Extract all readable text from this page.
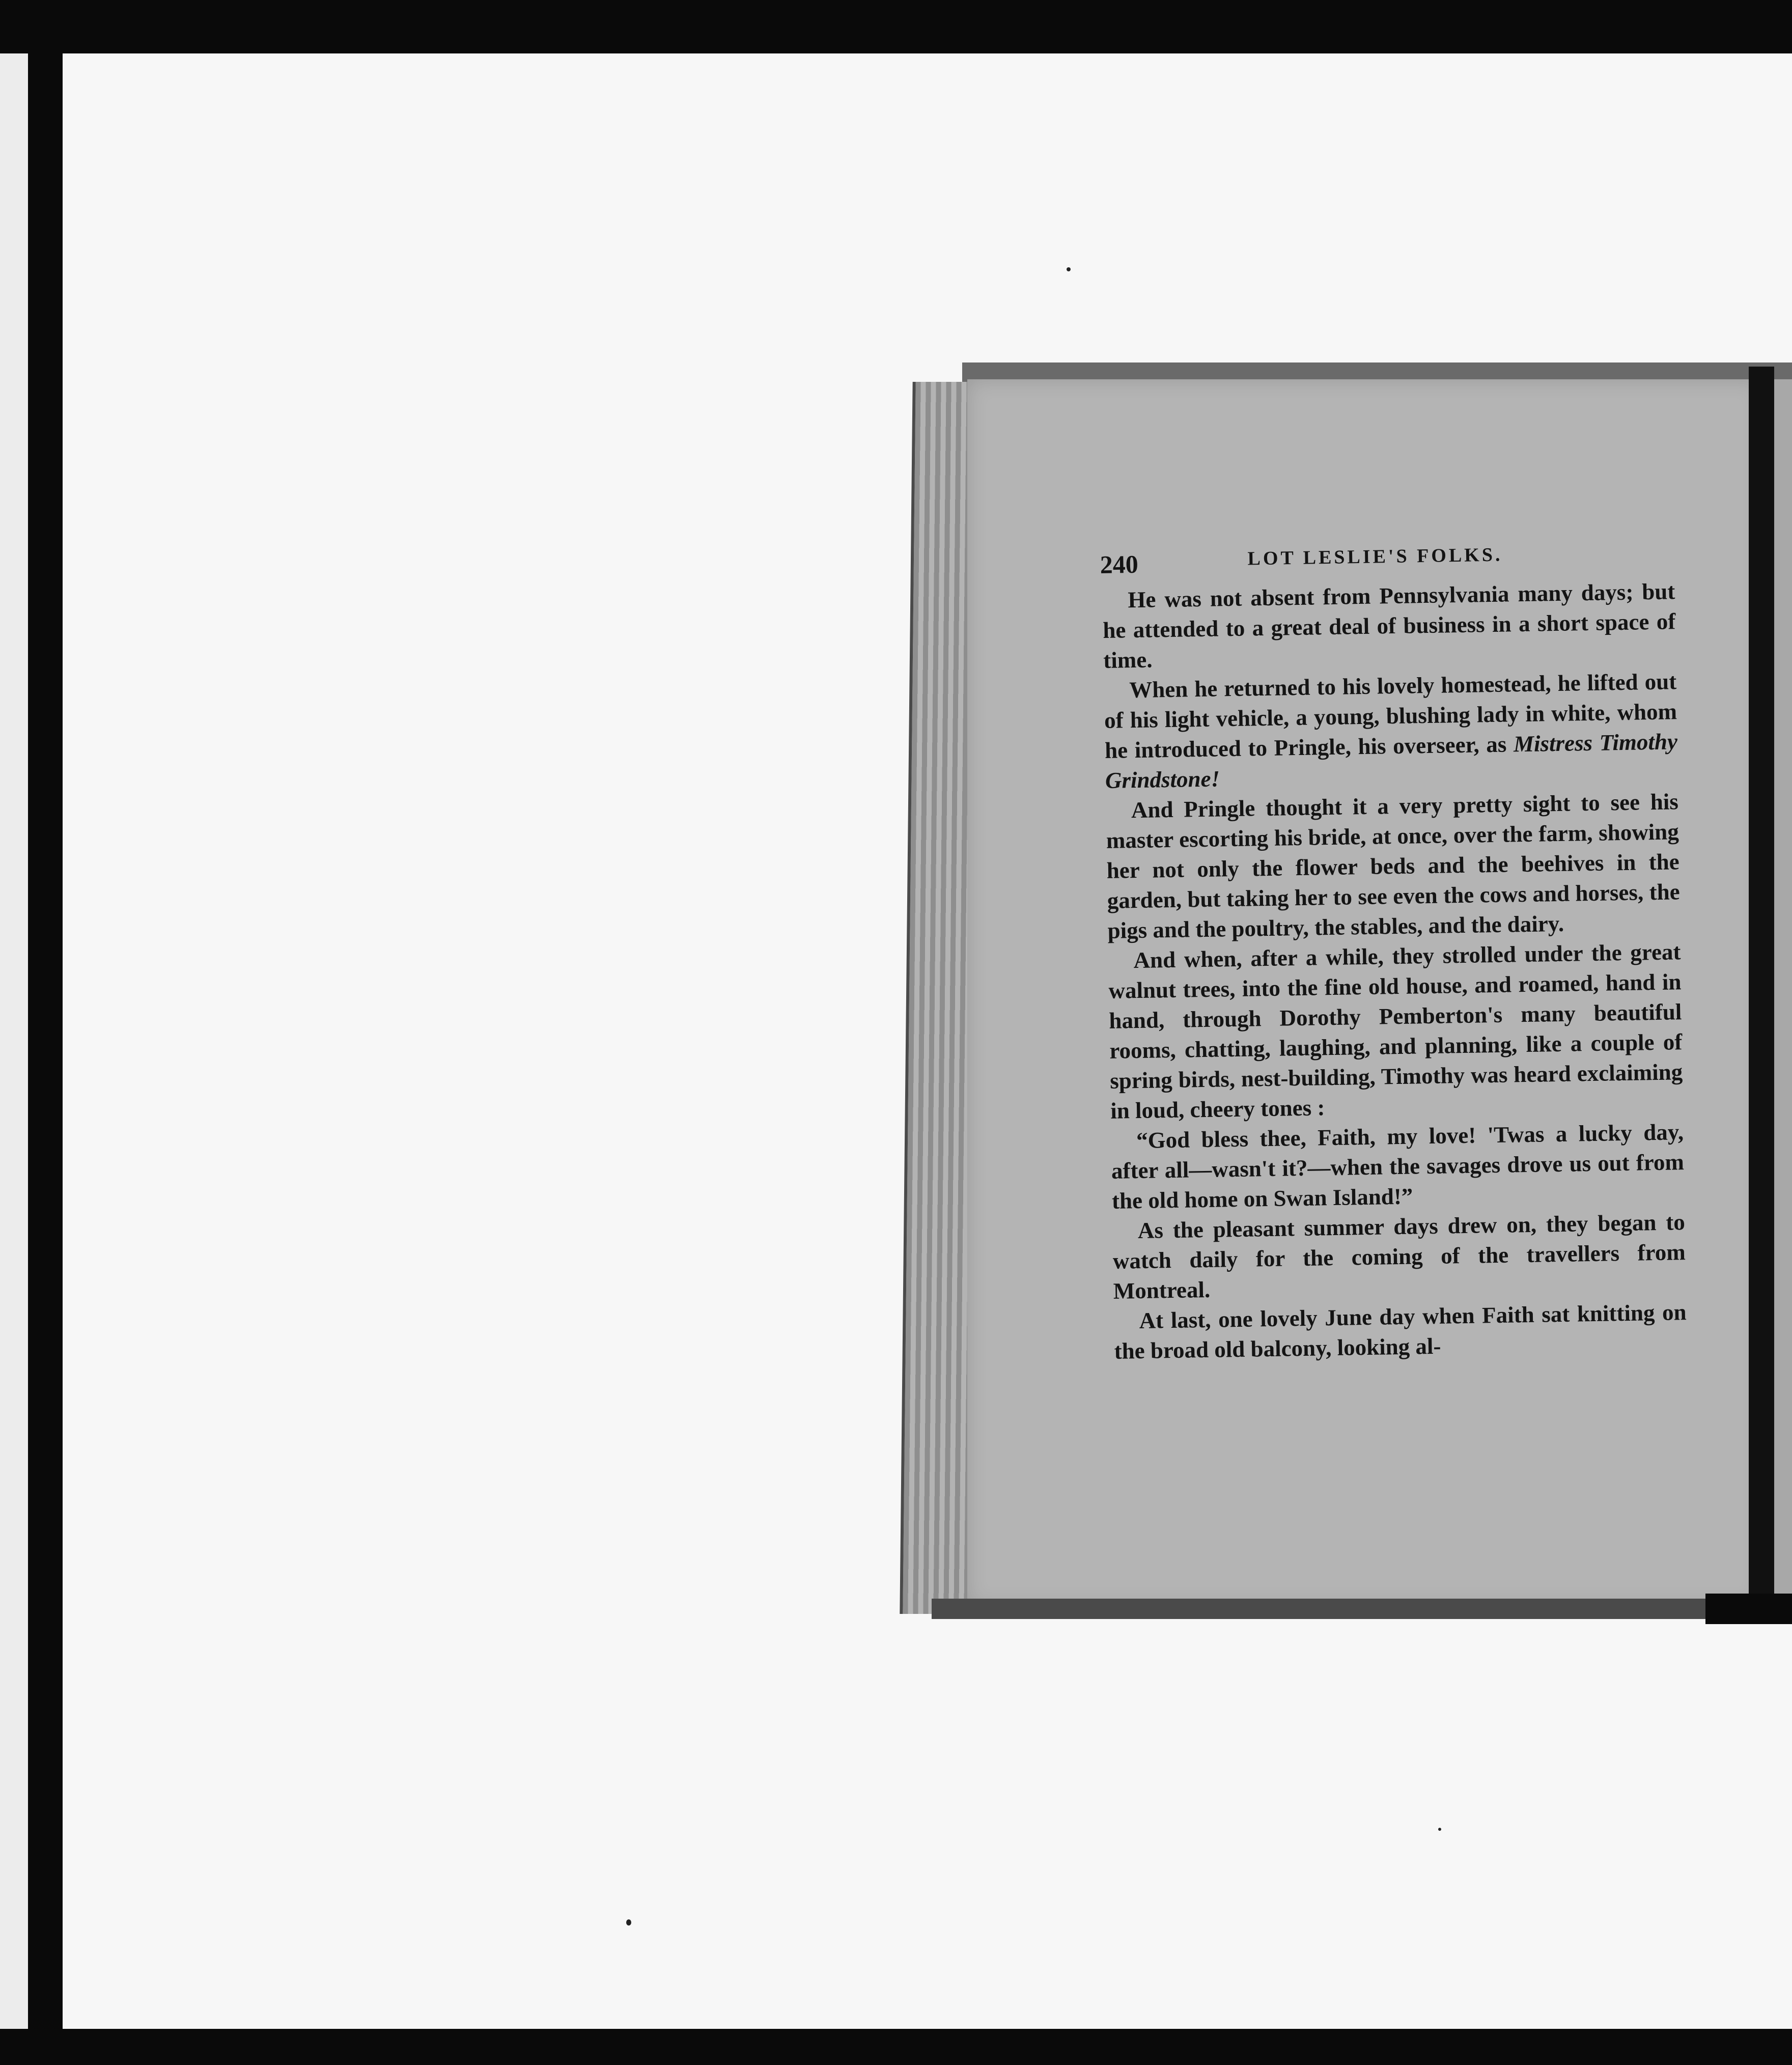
240	LOT LESLIE'S FOLKS.

He was not absent from Pennsylvania many days; but he attended to a great deal of business in a short space of time.

When he returned to his lovely homestead, he lifted out of his light vehicle, a young, blushing lady in white, whom he introduced to Pringle, his overseer, as Mistress Timothy Grindstone!

And Pringle thought it a very pretty sight to see his master escorting his bride, at once, over the farm, showing her not only the flower beds and the beehives in the garden, but taking her to see even the cows and horses, the pigs and the poultry, the stables, and the dairy.

And when, after a while, they strolled under the great walnut trees, into the fine old house, and roamed, hand in hand, through Dorothy Pemberton's many beautiful rooms, chatting, laughing, and planning, like a couple of spring birds, nest-building, Timothy was heard exclaiming in loud, cheery tones :

“God bless thee, Faith, my love! 'Twas a lucky day, after all—wasn't it?—when the savages drove us out from the old home on Swan Island!”

As the pleasant summer days drew on, they began to watch daily for the coming of the travellers from Montreal.

At last, one lovely June day when Faith sat knitting on the broad old balcony, looking al-
